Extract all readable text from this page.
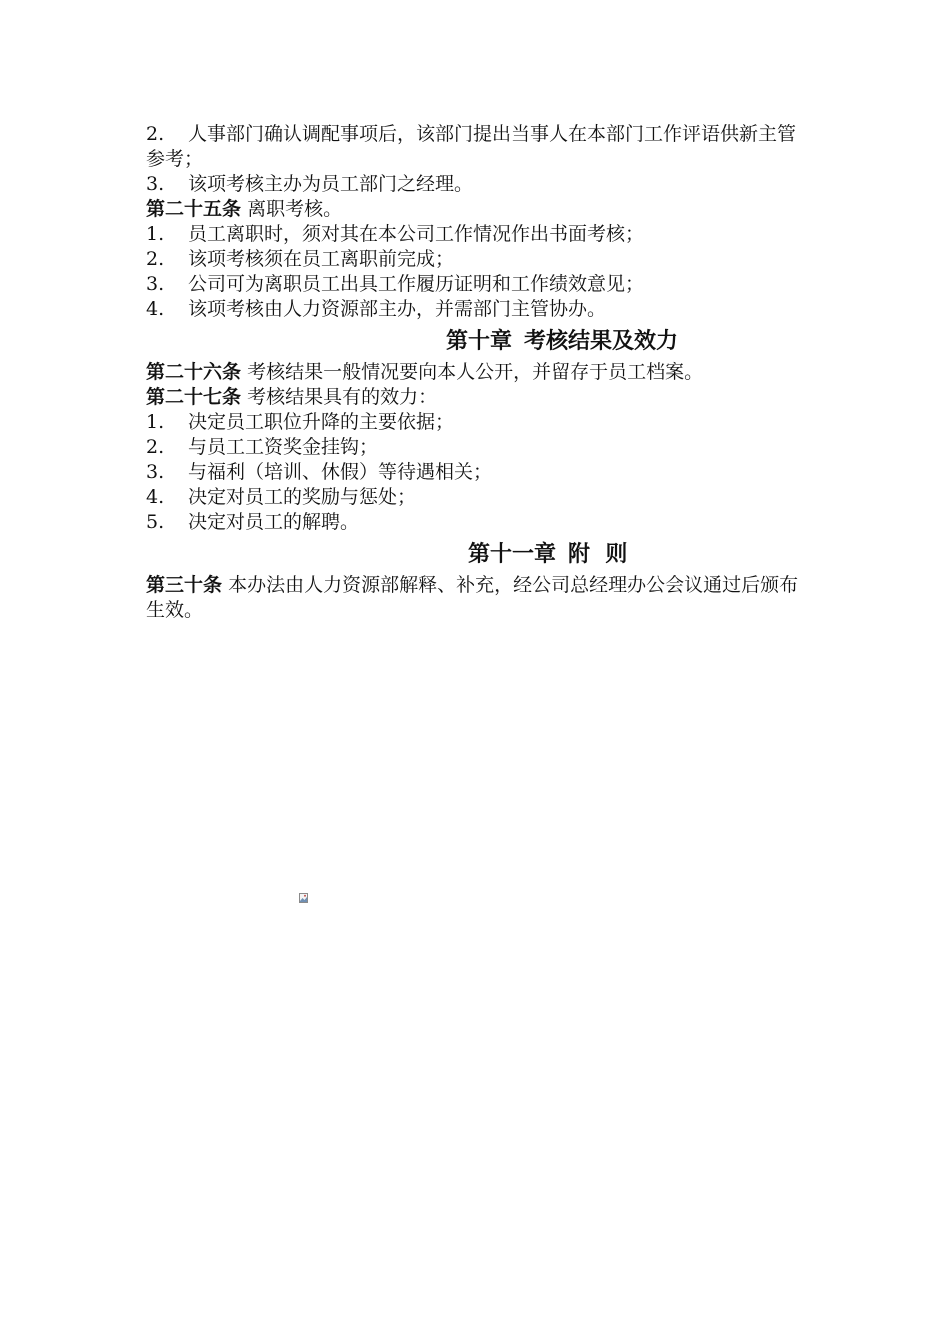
2. 人事部门确认调配事项后，该部门提出当事人在本部门工作评语供新主管参考；
3. 该项考核主办为员工部门之经理。
第二十五条 离职考核。
1. 员工离职时，须对其在本公司工作情况作出书面考核；
2. 该项考核须在员工离职前完成；
3. 公司可为离职员工出具工作履历证明和工作绩效意见；
4. 该项考核由人力资源部主办，并需部门主管协办。
第十章 考核结果及效力
第二十六条 考核结果一般情况要向本人公开，并留存于员工档案。
第二十七条 考核结果具有的效力：
1. 决定员工职位升降的主要依据；
2. 与员工工资奖金挂钩；
3. 与福利（培训、休假）等待遇相关；
4. 决定对员工的奖励与惩处；
5. 决定对员工的解聘。
第十一章 附  则
第三十条 本办法由人力资源部解释、补充，经公司总经理办公会议通过后颁布生效。
